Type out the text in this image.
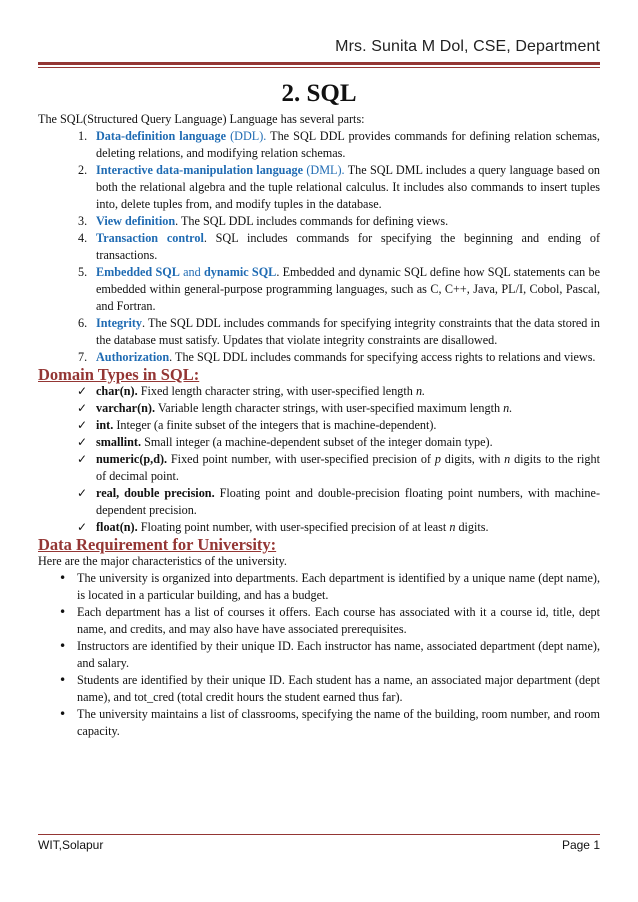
Mrs. Sunita M Dol, CSE, Department
2. SQL

The SQL(Structured Query Language) Language has several parts:

1. Data-definition language (DDL). The SQL DDL provides commands for defining relation schemas, deleting relations, and modifying relation schemas.
2. Interactive data-manipulation language (DML). The SQL DML includes a query language based on both the relational algebra and the tuple relational calculus. It includes also commands to insert tuples into, delete tuples from, and modify tuples in the database.
3. View definition. The SQL DDL includes commands for defining views.
4. Transaction control. SQL includes commands for specifying the beginning and ending of transactions.
5. Embedded SQL and dynamic SQL. Embedded and dynamic SQL define how SQL statements can be embedded within general-purpose programming languages, such as C, C++, Java, PL/I, Cobol, Pascal, and Fortran.
6. Integrity. The SQL DDL includes commands for specifying integrity constraints that the data stored in the database must satisfy. Updates that violate integrity constraints are disallowed.
7. Authorization. The SQL DDL includes commands for specifying access rights to relations and views.

Domain Types in SQL:

✓ char(n). Fixed length character string, with user-specified length n.
✓ varchar(n). Variable length character strings, with user-specified maximum length n.
✓ int. Integer (a finite subset of the integers that is machine-dependent).
✓ smallint. Small integer (a machine-dependent subset of the integer domain type).
✓ numeric(p,d). Fixed point number, with user-specified precision of p digits, with n digits to the right of decimal point.
✓ real, double precision. Floating point and double-precision floating point numbers, with machine-dependent precision.
✓ float(n). Floating point number, with user-specified precision of at least n digits.

Data Requirement for University:

Here are the major characteristics of the university.

• The university is organized into departments. Each department is identified by a unique name (dept name), is located in a particular building, and has a budget.
• Each department has a list of courses it offers. Each course has associated with it a course id, title, dept name, and credits, and may also have have associated prerequisites.
• Instructors are identified by their unique ID. Each instructor has name, associated department (dept name), and salary.
• Students are identified by their unique ID. Each student has a name, an associated major department (dept name), and tot_cred (total credit hours the student earned thus far).
• The university maintains a list of classrooms, specifying the name of the building, room number, and room capacity.
WIT,Solapur	Page 1
